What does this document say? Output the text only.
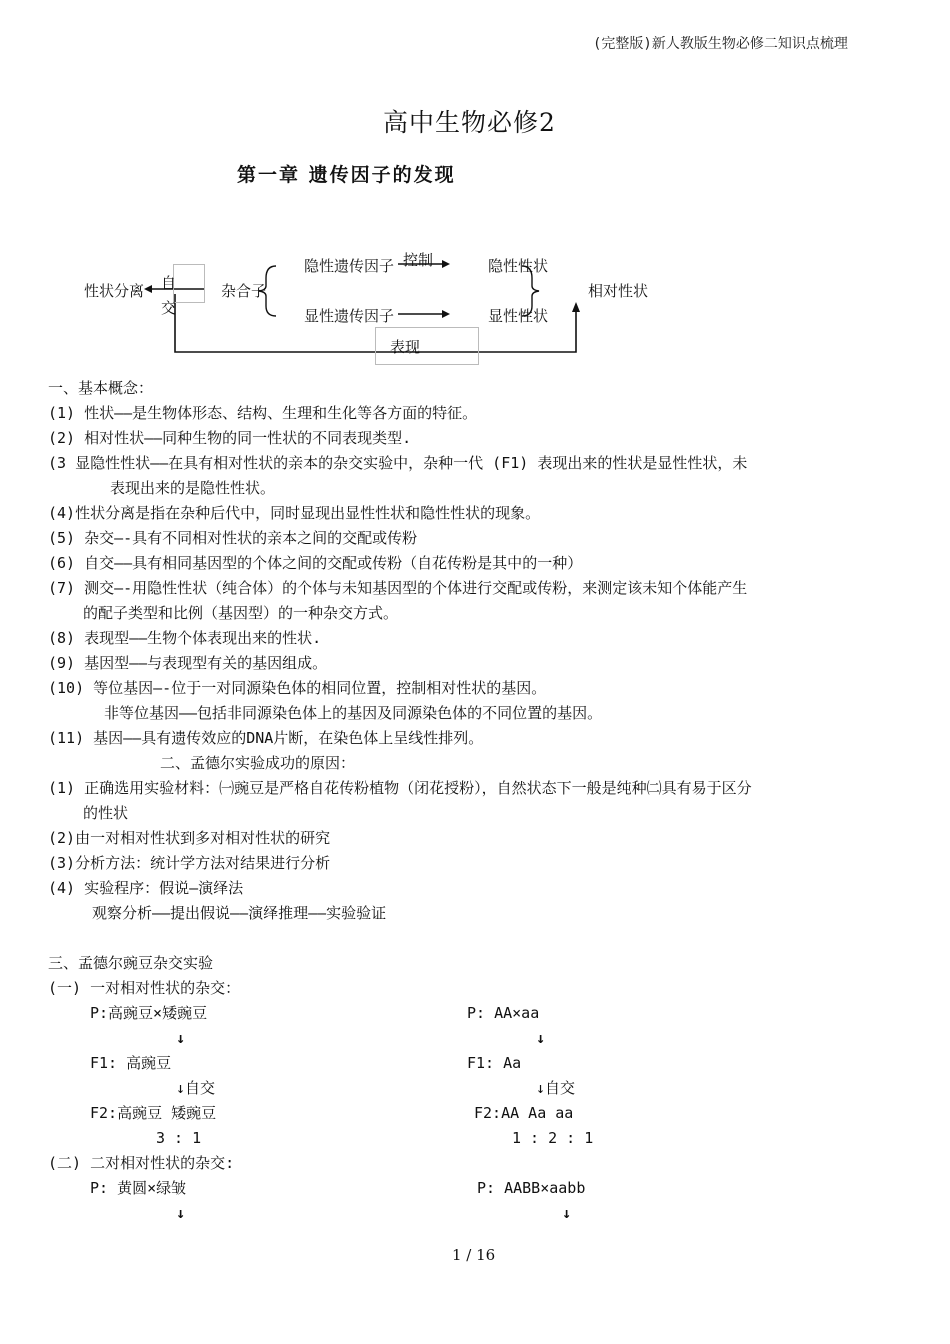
(完整版)新人教版生物必修二知识点梳理
高中生物必修2
第一章 遗传因子的发现
性状分离 自
交
杂合子
隐性遗传因子
显性遗传因子
控制	隐性性状
显性性状
相对性状
表现
一、基本概念：
(1) 性状——是生物体形态、结构、生理和生化等各方面的特征。
(2) 相对性状——同种生物的同一性状的不同表现类型.
(3 显隐性性状——在具有相对性状的亲本的杂交实验中，杂种一代 (F1) 表现出来的性状是显性性状，未
表现出来的是隐性性状。
(4)性状分离是指在杂种后代中，同时显现出显性性状和隐性性状的现象。
(5) 杂交—-具有不同相对性状的亲本之间的交配或传粉
(6) 自交——具有相同基因型的个体之间的交配或传粉（自花传粉是其中的一种）
(7) 测交—-用隐性性状（纯合体）的个体与未知基因型的个体进行交配或传粉，来测定该未知个体能产生
的配子类型和比例（基因型）的一种杂交方式。
(8) 表现型——生物个体表现出来的性状.
(9) 基因型——与表现型有关的基因组成。
(10) 等位基因—-位于一对同源染色体的相同位置，控制相对性状的基因。
非等位基因——包括非同源染色体上的基因及同源染色体的不同位置的基因。
(11) 基因——具有遗传效应的DNA片断，在染色体上呈线性排列。
二、孟德尔实验成功的原因：
(1) 正确选用实验材料：㈠豌豆是严格自花传粉植物（闭花授粉），自然状态下一般是纯种㈡具有易于区分
的性状
(2)由一对相对性状到多对相对性状的研究
(3)分析方法：统计学方法对结果进行分析
(4) 实验程序：假说—演绎法
观察分析——提出假说——演绎推理——实验验证
三、孟德尔豌豆杂交实验
(一) 一对相对性状的杂交：
P:高豌豆×矮豌豆
↓
F1: 高豌豆
↓自交
F2:高豌豆 矮豌豆
3 : 1
P: AA×aa
↓
F1: Aa
↓自交
F2:AA Aa aa
1 : 2 : 1
(二) 二对相对性状的杂交:
P: 黄圆×绿皱
↓
P: AABB×aabb
↓
1 / 16
